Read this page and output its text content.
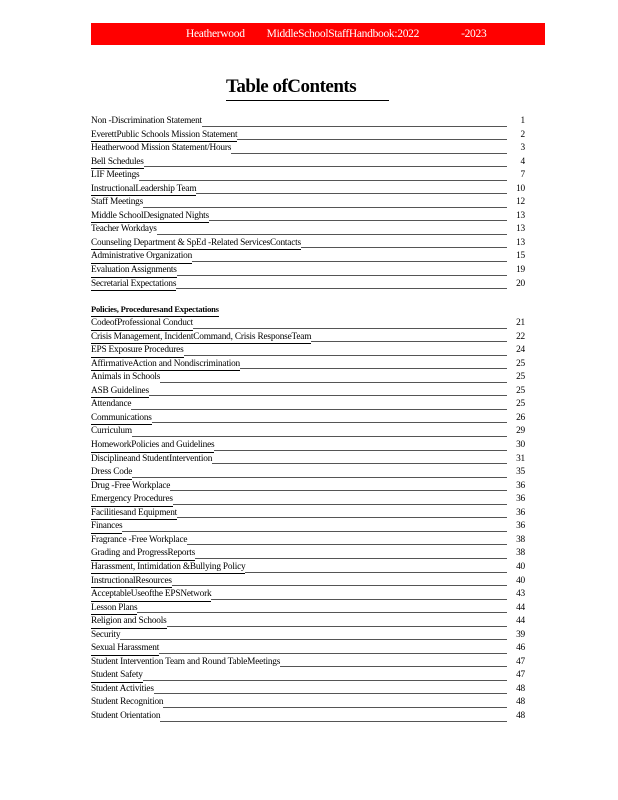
Heatherwood MiddleSchoolStaffHandbook:2022	-2023
Table ofContents
Non -Discrimination Statement	1
EverettPublic Schools Mission Statement	2
Heatherwood Mission Statement/Hours	3
Bell Schedules	4
LIF Meetings	7
InstructionalLeadership Team	10
Staff Meetings	12
Middle SchoolDesignated Nights	13
Teacher Workdays	13
Counseling Department & SpEd -Related ServicesContacts	13
Administrative Organization	15
Evaluation Assignments	19
Secretarial Expectations	20
Policies, Proceduresand Expectations
CodeofProfessional Conduct	21
Crisis Management, IncidentCommand, Crisis ResponseTeam	22
EPS Exposure Procedures	24
AffirmativeAction and Nondiscrimination	25
Animals in Schools	25
ASB Guidelines	25
Attendance	25
Communications	26
Curriculum	29
HomeworkPolicies and Guidelines	30
Disciplineand StudentIntervention	31
Dress Code	35
Drug -Free Workplace	36
Emergency Procedures	36
Facilitiesand Equipment	36
Finances	36
Fragrance -Free Workplace	38
Grading and ProgressReports	38
Harassment, Intimidation &Bullying Policy	40
InstructionalResources	40
AcceptableUseofthe EPSNetwork	43
Lesson Plans	44
Religion and Schools	44
Security	39
Sexual Harassment	46
Student Intervention Team and Round TableMeetings	47
Student Safety	47
Student Activities	48
Student Recognition	48
Student Orientation	48
